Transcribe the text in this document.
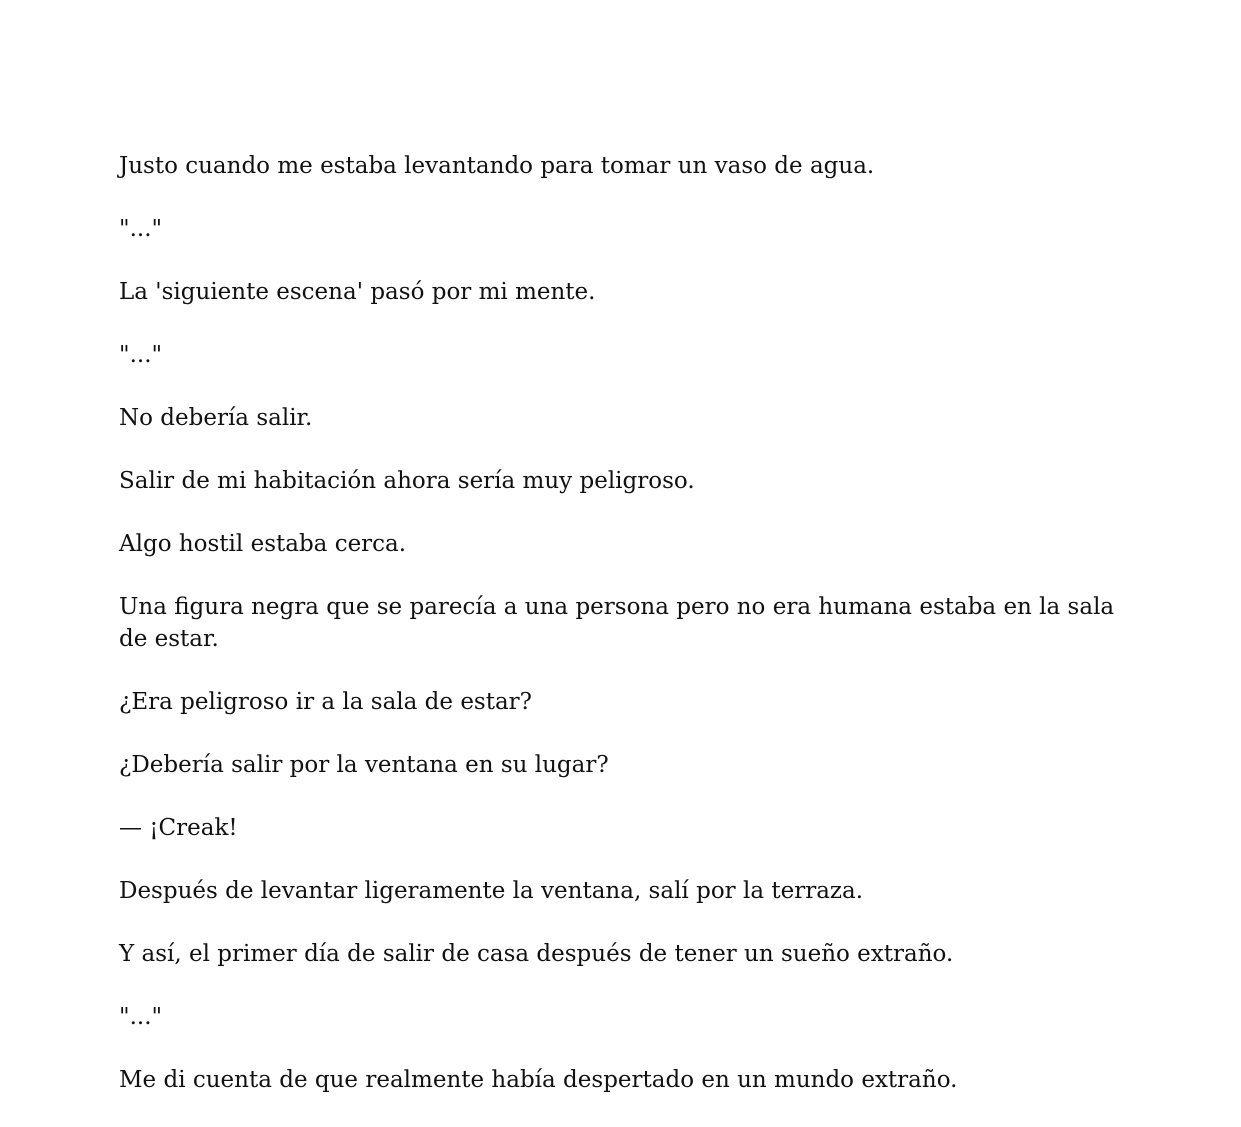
Justo cuando me estaba levantando para tomar un vaso de agua.

"..."

La 'siguiente escena' pasó por mi mente.

"..."

No debería salir.

Salir de mi habitación ahora sería muy peligroso.

Algo hostil estaba cerca.

Una figura negra que se parecía a una persona pero no era humana estaba en la sala de estar.

¿Era peligroso ir a la sala de estar?

¿Debería salir por la ventana en su lugar?

— ¡Creak!

Después de levantar ligeramente la ventana, salí por la terraza.

Y así, el primer día de salir de casa después de tener un sueño extraño.

"..."

Me di cuenta de que realmente había despertado en un mundo extraño.
